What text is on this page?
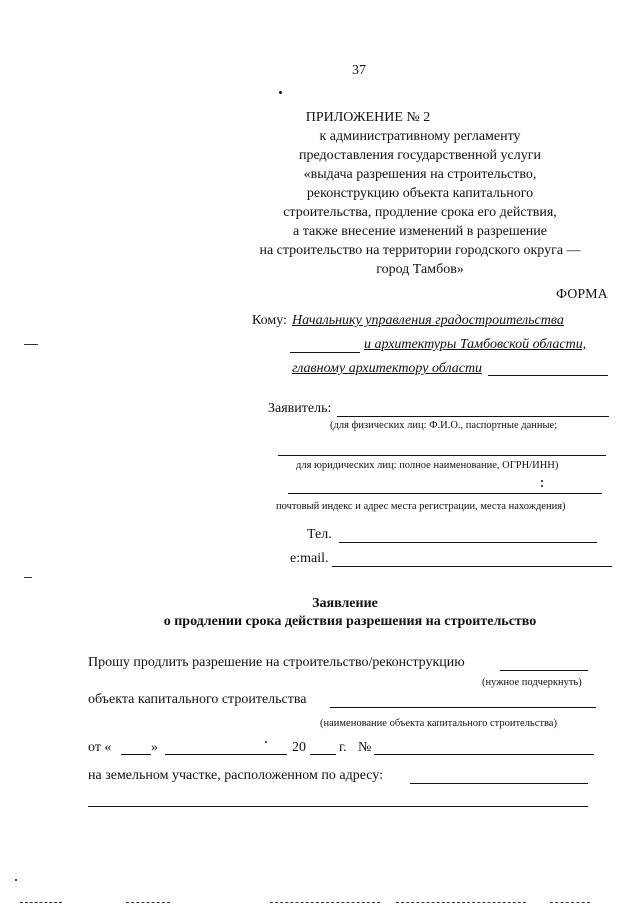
37
ПРИЛОЖЕНИЕ № 2
к административному регламенту
предоставления государственной услуги
«выдача разрешения на строительство,
реконструкцию объекта капитального
строительства, продление срока его действия,
а также внесение изменений в разрешение
на строительство на территории городского округа —
город Тамбов»
ФОРМА
Кому: Начальнику управления градостроительства
и архитектуры Тамбовской области,
главному архитектору области
Заявитель:
(для физических лиц: Ф.И.О., паспортные данные;
для юридических лиц: полное наименование, ОГРН/ИНН)
почтовый индекс и адрес места регистрации, места нахождения)
Тел.
e:mail.
Заявление
о продлении срока действия разрешения на строительство
Прошу продлить разрешение на строительство/реконструкцию
(нужное подчеркнуть)
объекта капитального строительства
(наименование объекта капитального строительства)
от «	»	20 г. №
на земельном участке, расположенном по адресу:
